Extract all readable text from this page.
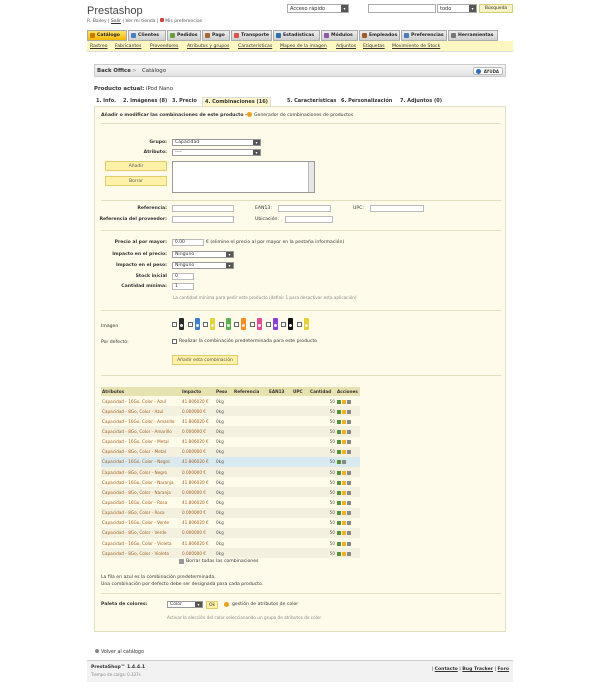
Prestashop
R. Bailey | Salir | Ver mi tienda |  Mis preferencias
Acceso rápido	▾	todo	▾	Búsqueda
Catálogo	Clientes	Pedidos	Pago	Transporte	Estadísticas	Módulos	Empleados	Preferencias	Herramientas
Rastreo Fabricantes Proveedores Atributos y grupos Características Mapeo de la imagen Adjuntos Etiquetas Movimiento de Stock
Back Office > Catálogo	AYUDA
Producto actual: iPod Nano
1. Info.	2. Imágenes (8) 3. Precio	4. Combinaciones (16)	5. Características 6. Personalización	7. Adjuntos (0)
Añadir o modificar las combinaciones de este producto - Generador de combinaciones de productos
Grupo:	Capacidad	▾
Atributo:	----	▾
Añadir
Borrar
Referencia:	EAN13:	UPC:
Referencia del proveedor:	Ubicación:
Precio al por mayor:	0.00	€ (elimine el precio al por mayor en la pestaña información)
Impacto en el precio:	Ninguno	▾
Impacto en el peso:	Ninguno	▾
Stock inicial	0
Cantidad mínima:	1
La cantidad mínima para pedir este producto (definir 1 para desactivar esta aplicación)
Imagen
Por defecto:	Realizar la combinación predeterminada para este producto
Añadir esta combinación
Atributos	Impacto	Peso	Referencia	EAN13	UPC	Cantidad	Acciones
Capacidad - 16Go, Color - Azul	41.806020 €	0kg				50	
Capacidad - 8Go, Color - Azul	0.000000 €	0kg				50	
Capacidad - 16Go, Color - Amarillo	41.806020 €	0kg				50	
Capacidad - 8Go, Color - Amarillo	0.000000 €	0kg				50	
Capacidad - 16Go, Color - Metal	41.806020 €	0kg				50	
Capacidad - 8Go, Color - Metal	0.000000 €	0kg				50	
Capacidad - 16Go, Color - Negro	41.806020 €	0kg				50	
Capacidad - 8Go, Color - Negro	0.000000 €	0kg				50	
Capacidad - 16Go, Color - Naranja	41.806020 €	0kg				50	
Capacidad - 8Go, Color - Naranja	0.000000 €	0kg				50	
Capacidad - 16Go, Color - Rosa	41.806020 €	0kg				50	
Capacidad - 8Go, Color - Rosa	0.000000 €	0kg				50	
Capacidad - 16Go, Color - Verde	41.806020 €	0kg				50	
Capacidad - 8Go, Color - Verde	0.000000 €	0kg				50	
Capacidad - 16Go, Color - Violeta	41.806020 €	0kg				50	
Capacidad - 8Go, Color - Violeta	0.000000 €	0kg				50	
Borrar todas las combinaciones
La fila en azul es la combinación predeterminada.
Una combinación por defecto debe ser designada para cada producto.
Paleta de colores:	Color	▾	Ok	gestión de atributos de color
Activar la elección del color seleccionando un grupo de atributos de color.
Volver al catálogo
PrestaShop™ 1.4.4.1
Tiempo de carga: 0.337s
| Contacto | Bug Tracker | Foro
